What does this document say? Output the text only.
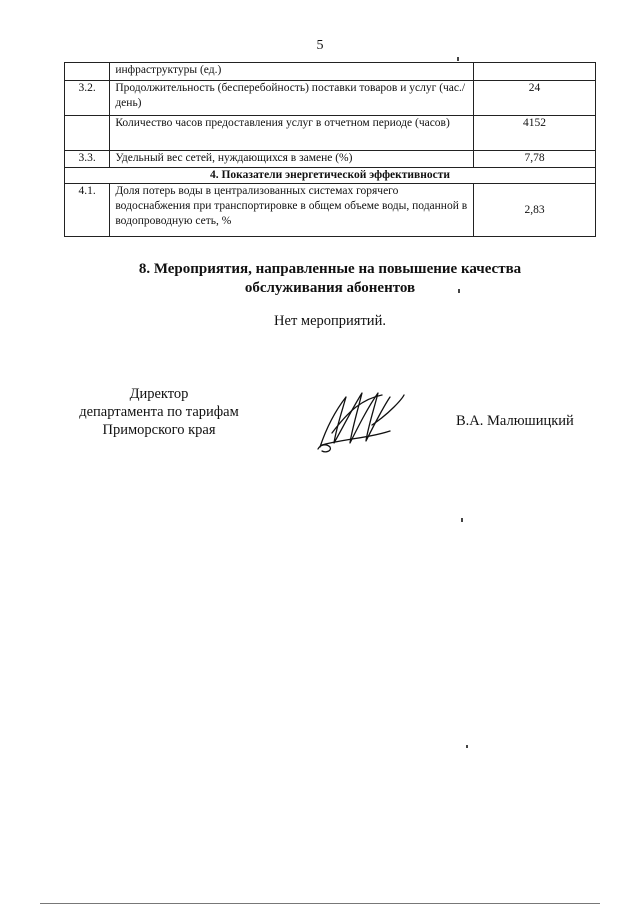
5
	инфраструктуры (ед.)	
3.2.	Продолжительность (бесперебойность) поставки товаров и услуг (час./день)	24
	Количество часов предоставления услуг в отчетном периоде (часов)	4152
3.3.	Удельный вес сетей, нуждающихся в замене (%)	7,78
4. Показатели энергетической эффективности		
4.1.	Доля потерь воды в централизованных системах горячего водоснабжения при транспортировке в общем объеме воды, поданной в водопроводную сеть, %	2,83
8. Мероприятия, направленные на повышение качества
обслуживания абонентов
Нет мероприятий.
Директор
департамента по тарифам
Приморского края
В.А. Малюшицкий
